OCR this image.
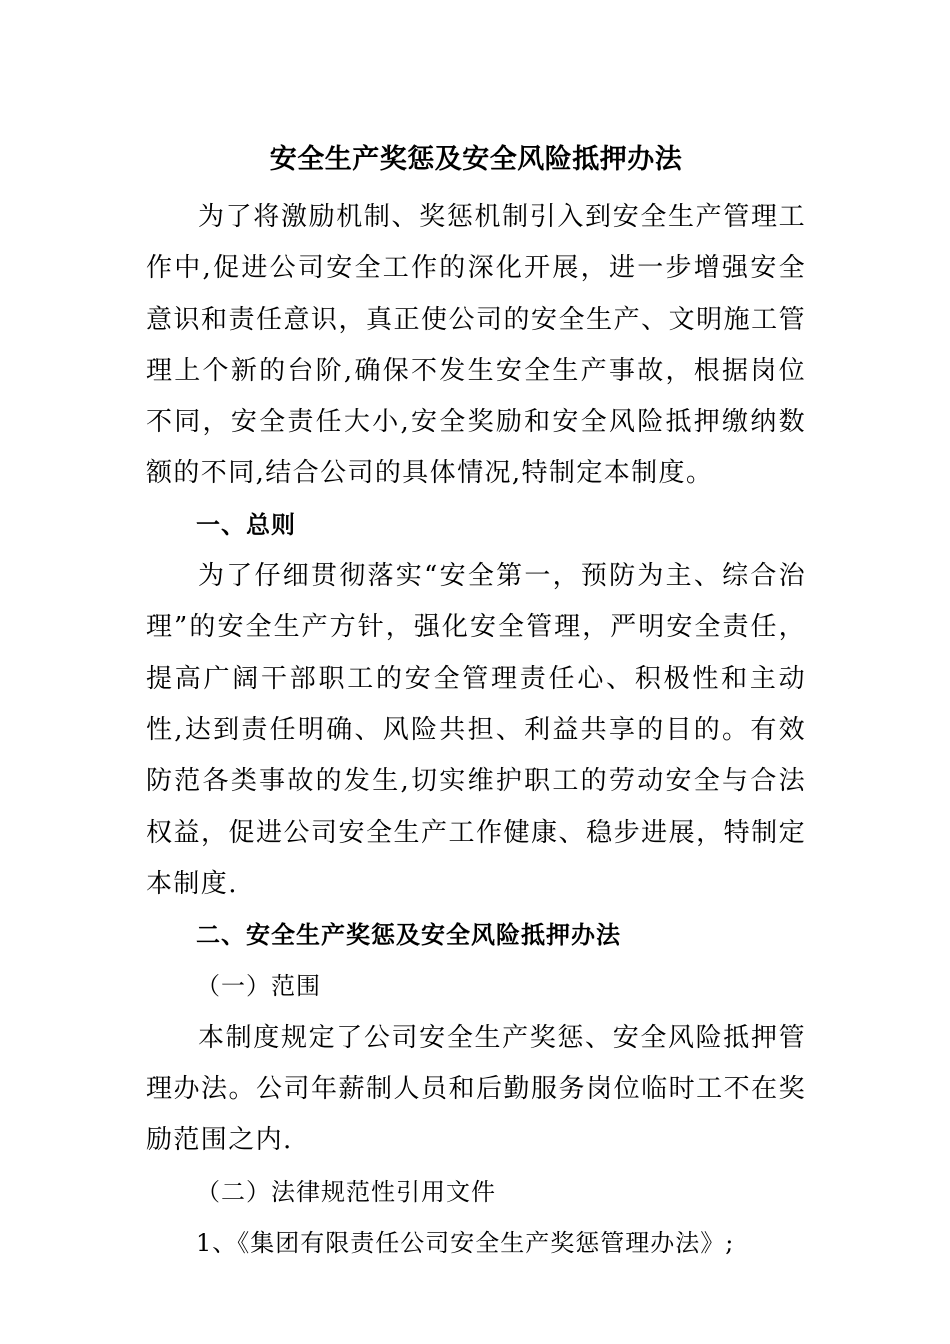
安全生产奖惩及安全风险抵押办法

为了将激励机制、奖惩机制引入到安全生产管理工作中,促进公司安全工作的深化开展，进一步增强安全意识和责任意识，真正使公司的安全生产、文明施工管理上个新的台阶,确保不发生安全生产事故，根据岗位不同，安全责任大小,安全奖励和安全风险抵押缴纳数额的不同,结合公司的具体情况,特制定本制度。

一、总则

为了仔细贯彻落实“安全第一，预防为主、综合治理”的安全生产方针，强化安全管理，严明安全责任，提高广阔干部职工的安全管理责任心、积极性和主动性,达到责任明确、风险共担、利益共享的目的。有效防范各类事故的发生,切实维护职工的劳动安全与合法权益，促进公司安全生产工作健康、稳步进展，特制定本制度.

二、安全生产奖惩及安全风险抵押办法

（一）范围

本制度规定了公司安全生产奖惩、安全风险抵押管理办法。公司年薪制人员和后勤服务岗位临时工不在奖励范围之内.

（二）法律规范性引用文件

1、《集团有限责任公司安全生产奖惩管理办法》;
